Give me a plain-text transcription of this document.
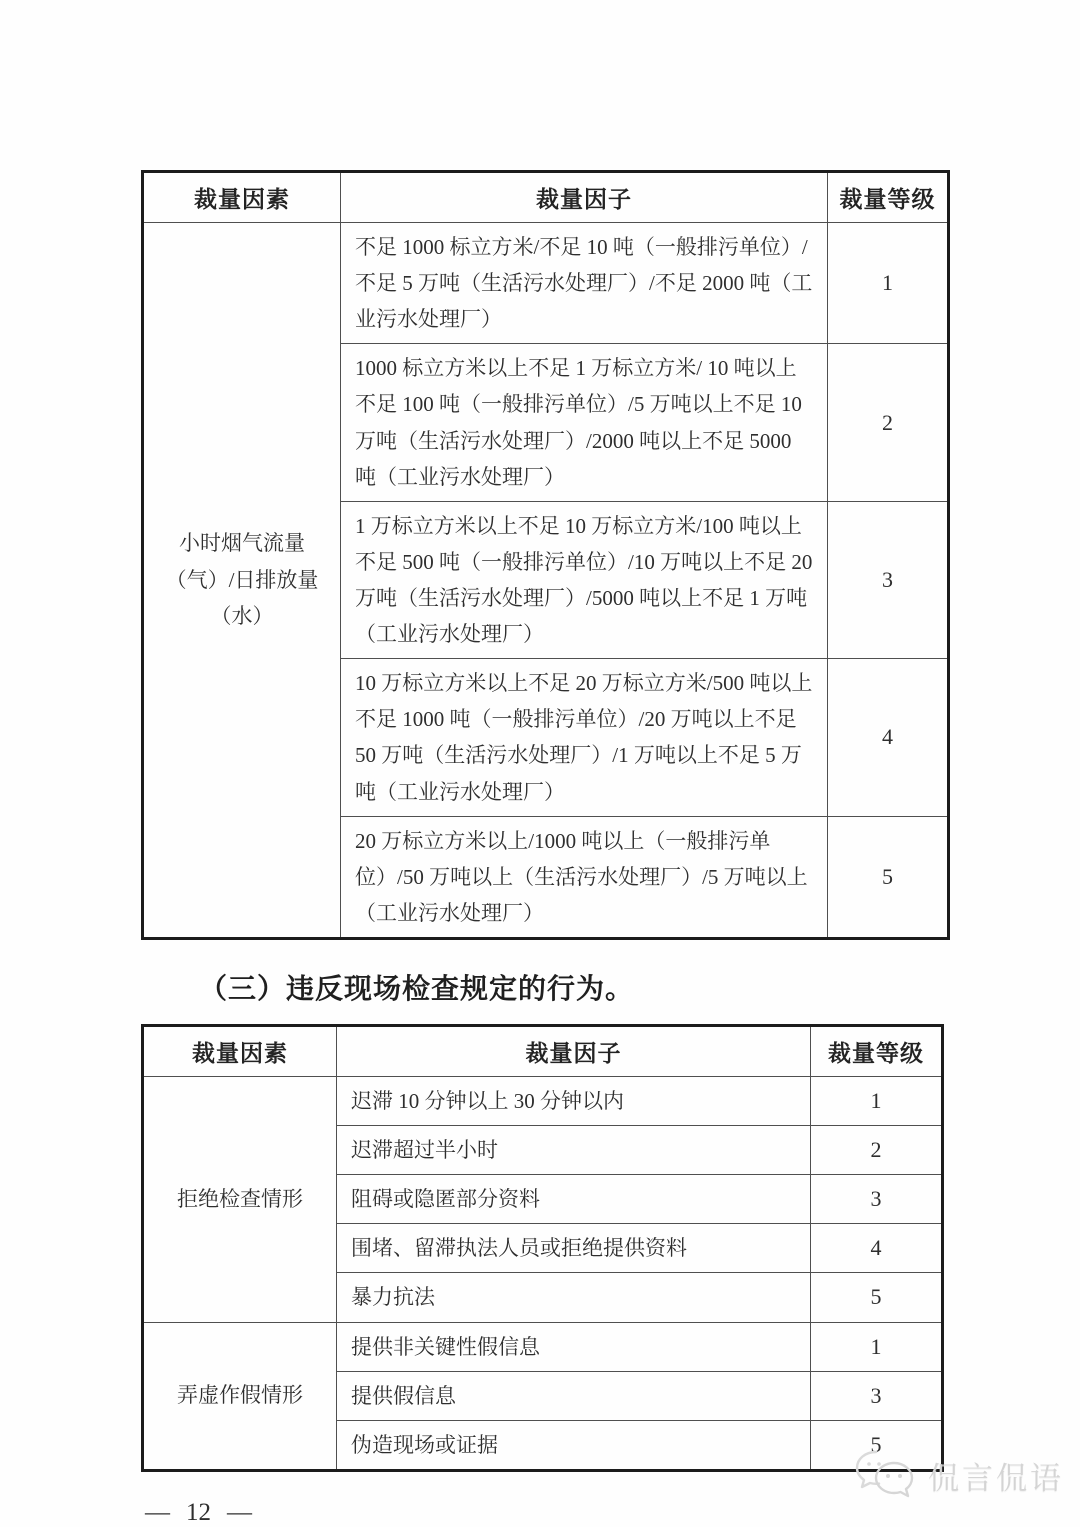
裁量因素	裁量因子	裁量等级
小时烟气流量（气）/日排放量（水）	不足 1000 标立方米/不足 10 吨（一般排污单位）/不足 5 万吨（生活污水处理厂）/不足 2000 吨（工业污水处理厂）	1
	1000 标立方米以上不足 1 万标立方米/ 10 吨以上不足 100 吨（一般排污单位）/5 万吨以上不足 10 万吨（生活污水处理厂）/2000 吨以上不足 5000 吨（工业污水处理厂）	2
	1 万标立方米以上不足 10 万标立方米/100 吨以上不足 500 吨（一般排污单位）/10 万吨以上不足 20 万吨（生活污水处理厂）/5000 吨以上不足 1 万吨（工业污水处理厂）	3
	10 万标立方米以上不足 20 万标立方米/500 吨以上不足 1000 吨（一般排污单位）/20 万吨以上不足 50 万吨（生活污水处理厂）/1 万吨以上不足 5 万吨（工业污水处理厂）	4
	20 万标立方米以上/1000 吨以上（一般排污单位）/50 万吨以上（生活污水处理厂）/5 万吨以上（工业污水处理厂）	5
（三）违反现场检查规定的行为。
裁量因素	裁量因子	裁量等级
拒绝检查情形	迟滞 10 分钟以上 30 分钟以内	1
	迟滞超过半小时	2
	阻碍或隐匿部分资料	3
	围堵、留滞执法人员或拒绝提供资料	4
	暴力抗法	5
弄虚作假情形	提供非关键性假信息	1
	提供假信息	3
	伪造现场或证据	5
— 12 —
侃言侃语
